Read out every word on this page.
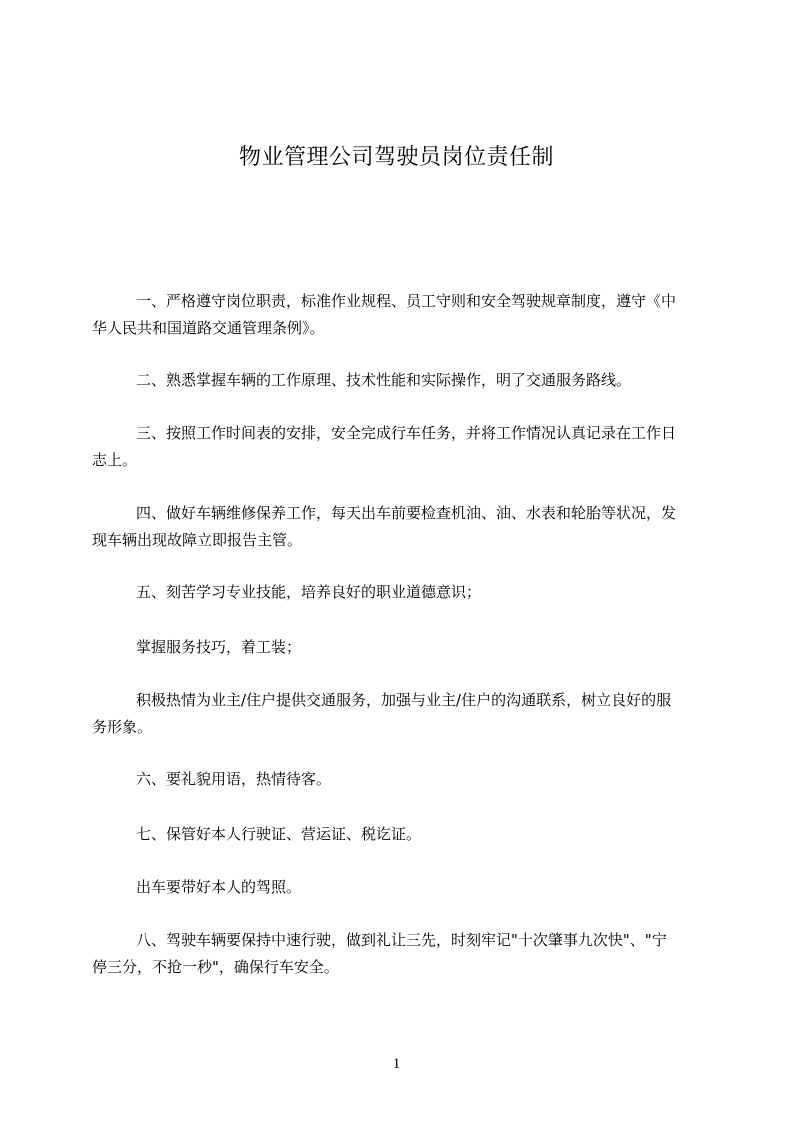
物业管理公司驾驶员岗位责任制
一、严格遵守岗位职责，标准作业规程、员工守则和安全驾驶规章制度，遵守《中
华人民共和国道路交通管理条例》。
二、熟悉掌握车辆的工作原理、技术性能和实际操作，明了交通服务路线。
三、按照工作时间表的安排，安全完成行车任务，并将工作情况认真记录在工作日
志上。
四、做好车辆维修保养工作，每天出车前要检查机油、油、水表和轮胎等状况，发
现车辆出现故障立即报告主管。
五、刻苦学习专业技能，培养良好的职业道德意识；
掌握服务技巧，着工装；
积极热情为业主/住户提供交通服务，加强与业主/住户的沟通联系，树立良好的服
务形象。
六、要礼貌用语，热情待客。
七、保管好本人行驶证、营运证、税讫证。
出车要带好本人的驾照。
八、驾驶车辆要保持中速行驶，做到礼让三先，时刻牢记"十次肇事九次快"、"宁
停三分，不抢一秒"，确保行车安全。
1
